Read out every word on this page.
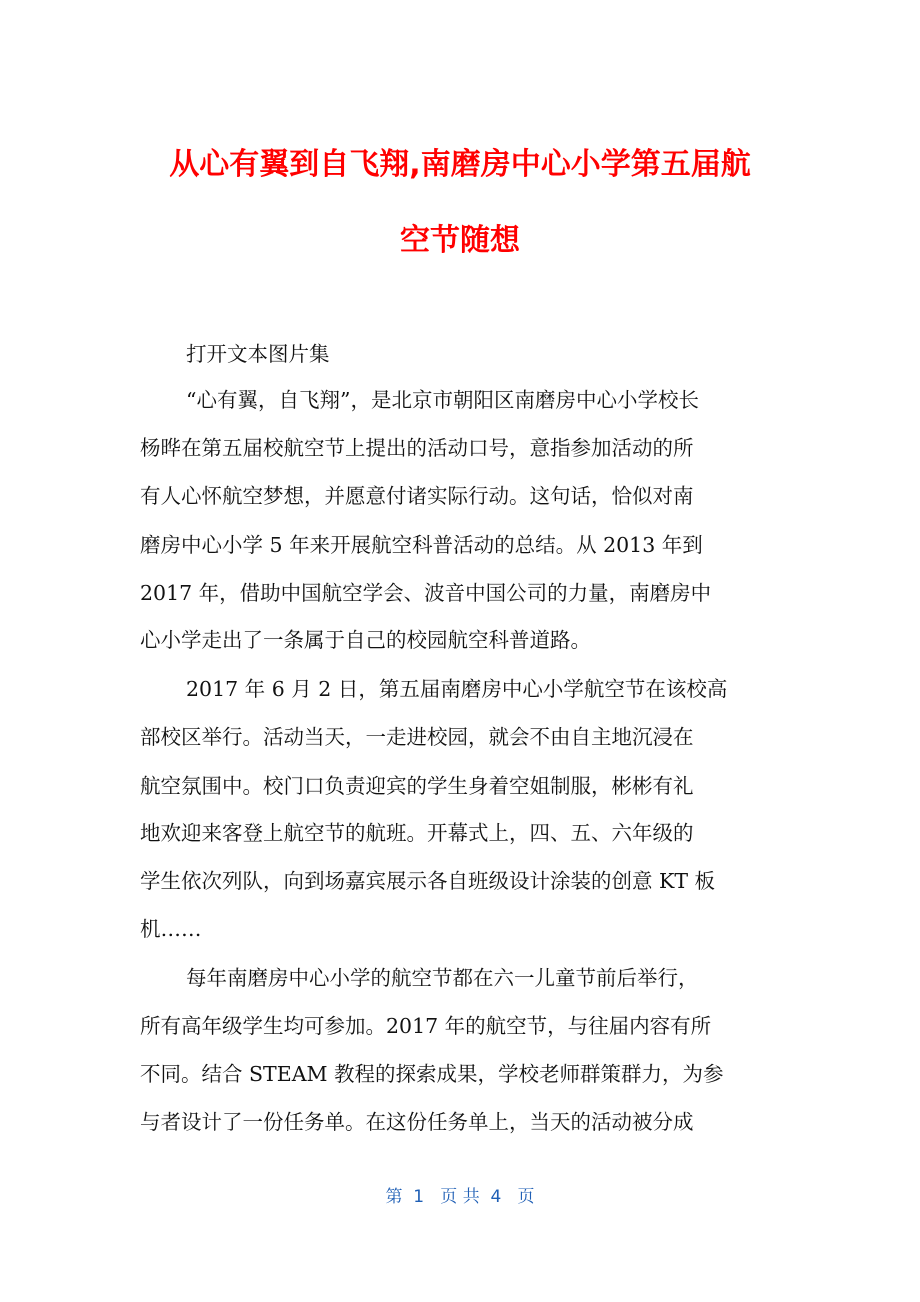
从心有翼到自飞翔,南磨房中心小学第五届航
空节随想
打开文本图片集
“心有翼，自飞翔”，是北京市朝阳区南磨房中心小学校长
杨晔在第五届校航空节上提出的活动口号，意指参加活动的所
有人心怀航空梦想，并愿意付诸实际行动。这句话，恰似对南
磨房中心小学 5 年来开展航空科普活动的总结。从 2013 年到
2017 年，借助中国航空学会、波音中国公司的力量，南磨房中
心小学走出了一条属于自己的校园航空科普道路。
2017 年 6 月 2 日，第五届南磨房中心小学航空节在该校高
部校区举行。活动当天，一走进校园，就会不由自主地沉浸在
航空氛围中。校门口负责迎宾的学生身着空姐制服，彬彬有礼
地欢迎来客登上航空节的航班。开幕式上，四、五、六年级的
学生依次列队，向到场嘉宾展示各自班级设计涂装的创意 KT 板
机……
每年南磨房中心小学的航空节都在六一儿童节前后举行，
所有高年级学生均可参加。2017 年的航空节，与往届内容有所
不同。结合 STEAM 教程的探索成果，学校老师群策群力，为参
与者设计了一份任务单。在这份任务单上，当天的活动被分成
第  1   页 共  4   页
